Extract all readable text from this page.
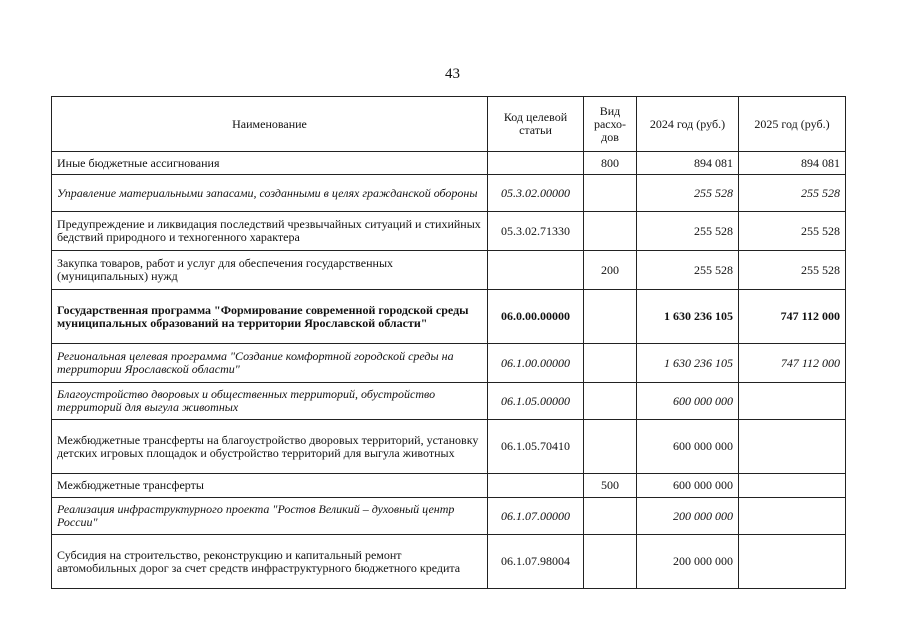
43
Наименование	Код целевой статьи	Вид расхо-дов	2024 год (руб.)	2025 год (руб.)
Иные бюджетные ассигнования		800	894 081	894 081
Управление материальными запасами, созданными в целях гражданской обороны	05.3.02.00000		255 528	255 528
Предупреждение и ликвидация последствий чрезвычайных ситуаций и стихийных бедствий природного и техногенного характера	05.3.02.71330		255 528	255 528
Закупка товаров, работ и услуг для обеспечения государственных (муниципальных) нужд		200	255 528	255 528
Государственная программа "Формирование современной городской среды муниципальных образований на территории Ярославской области"	06.0.00.00000		1 630 236 105	747 112 000
Региональная целевая программа "Создание комфортной городской среды на территории Ярославской области"	06.1.00.00000		1 630 236 105	747 112 000
Благоустройство дворовых и общественных территорий, обустройство территорий для выгула животных	06.1.05.00000		600 000 000	
Межбюджетные трансферты на благоустройство дворовых территорий, установку детских игровых площадок и обустройство территорий для выгула животных	06.1.05.70410		600 000 000	
Межбюджетные трансферты		500	600 000 000	
Реализация инфраструктурного проекта "Ростов Великий – духовный центр России"	06.1.07.00000		200 000 000	
Субсидия на строительство, реконструкцию и капитальный ремонт автомобильных дорог за счет средств инфраструктурного бюджетного кредита	06.1.07.98004		200 000 000	
